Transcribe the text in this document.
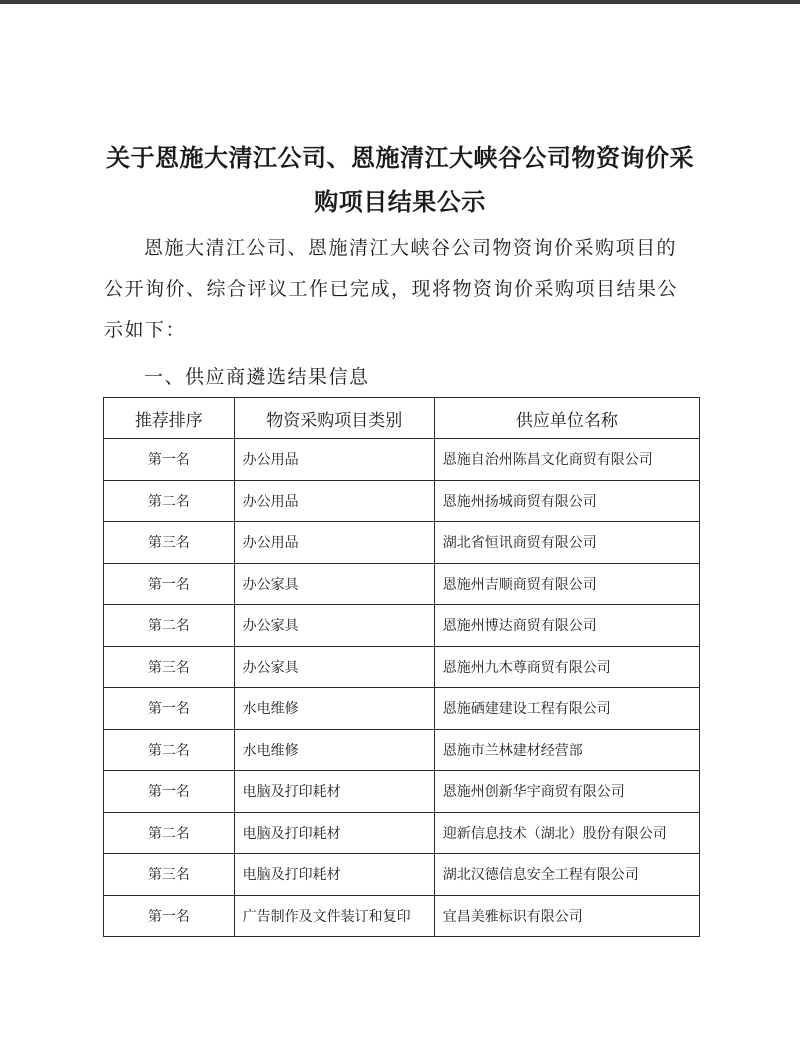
关于恩施大清江公司、恩施清江大峡谷公司物资询价采
购项目结果公示
恩施大清江公司、恩施清江大峡谷公司物资询价采购项目的
公开询价、综合评议工作已完成，现将物资询价采购项目结果公
示如下：
一、供应商遴选结果信息
推荐排序	物资采购项目类别	供应单位名称
第一名	办公用品	恩施自治州陈昌文化商贸有限公司
第二名	办公用品	恩施州扬城商贸有限公司
第三名	办公用品	湖北省恒讯商贸有限公司
第一名	办公家具	恩施州吉顺商贸有限公司
第二名	办公家具	恩施州博达商贸有限公司
第三名	办公家具	恩施州九木尊商贸有限公司
第一名	水电维修	恩施硒建建设工程有限公司
第二名	水电维修	恩施市兰林建材经营部
第一名	电脑及打印耗材	恩施州创新华宇商贸有限公司
第二名	电脑及打印耗材	迎新信息技术（湖北）股份有限公司
第三名	电脑及打印耗材	湖北汉德信息安全工程有限公司
第一名	广告制作及文件装订和复印	宜昌美雅标识有限公司
